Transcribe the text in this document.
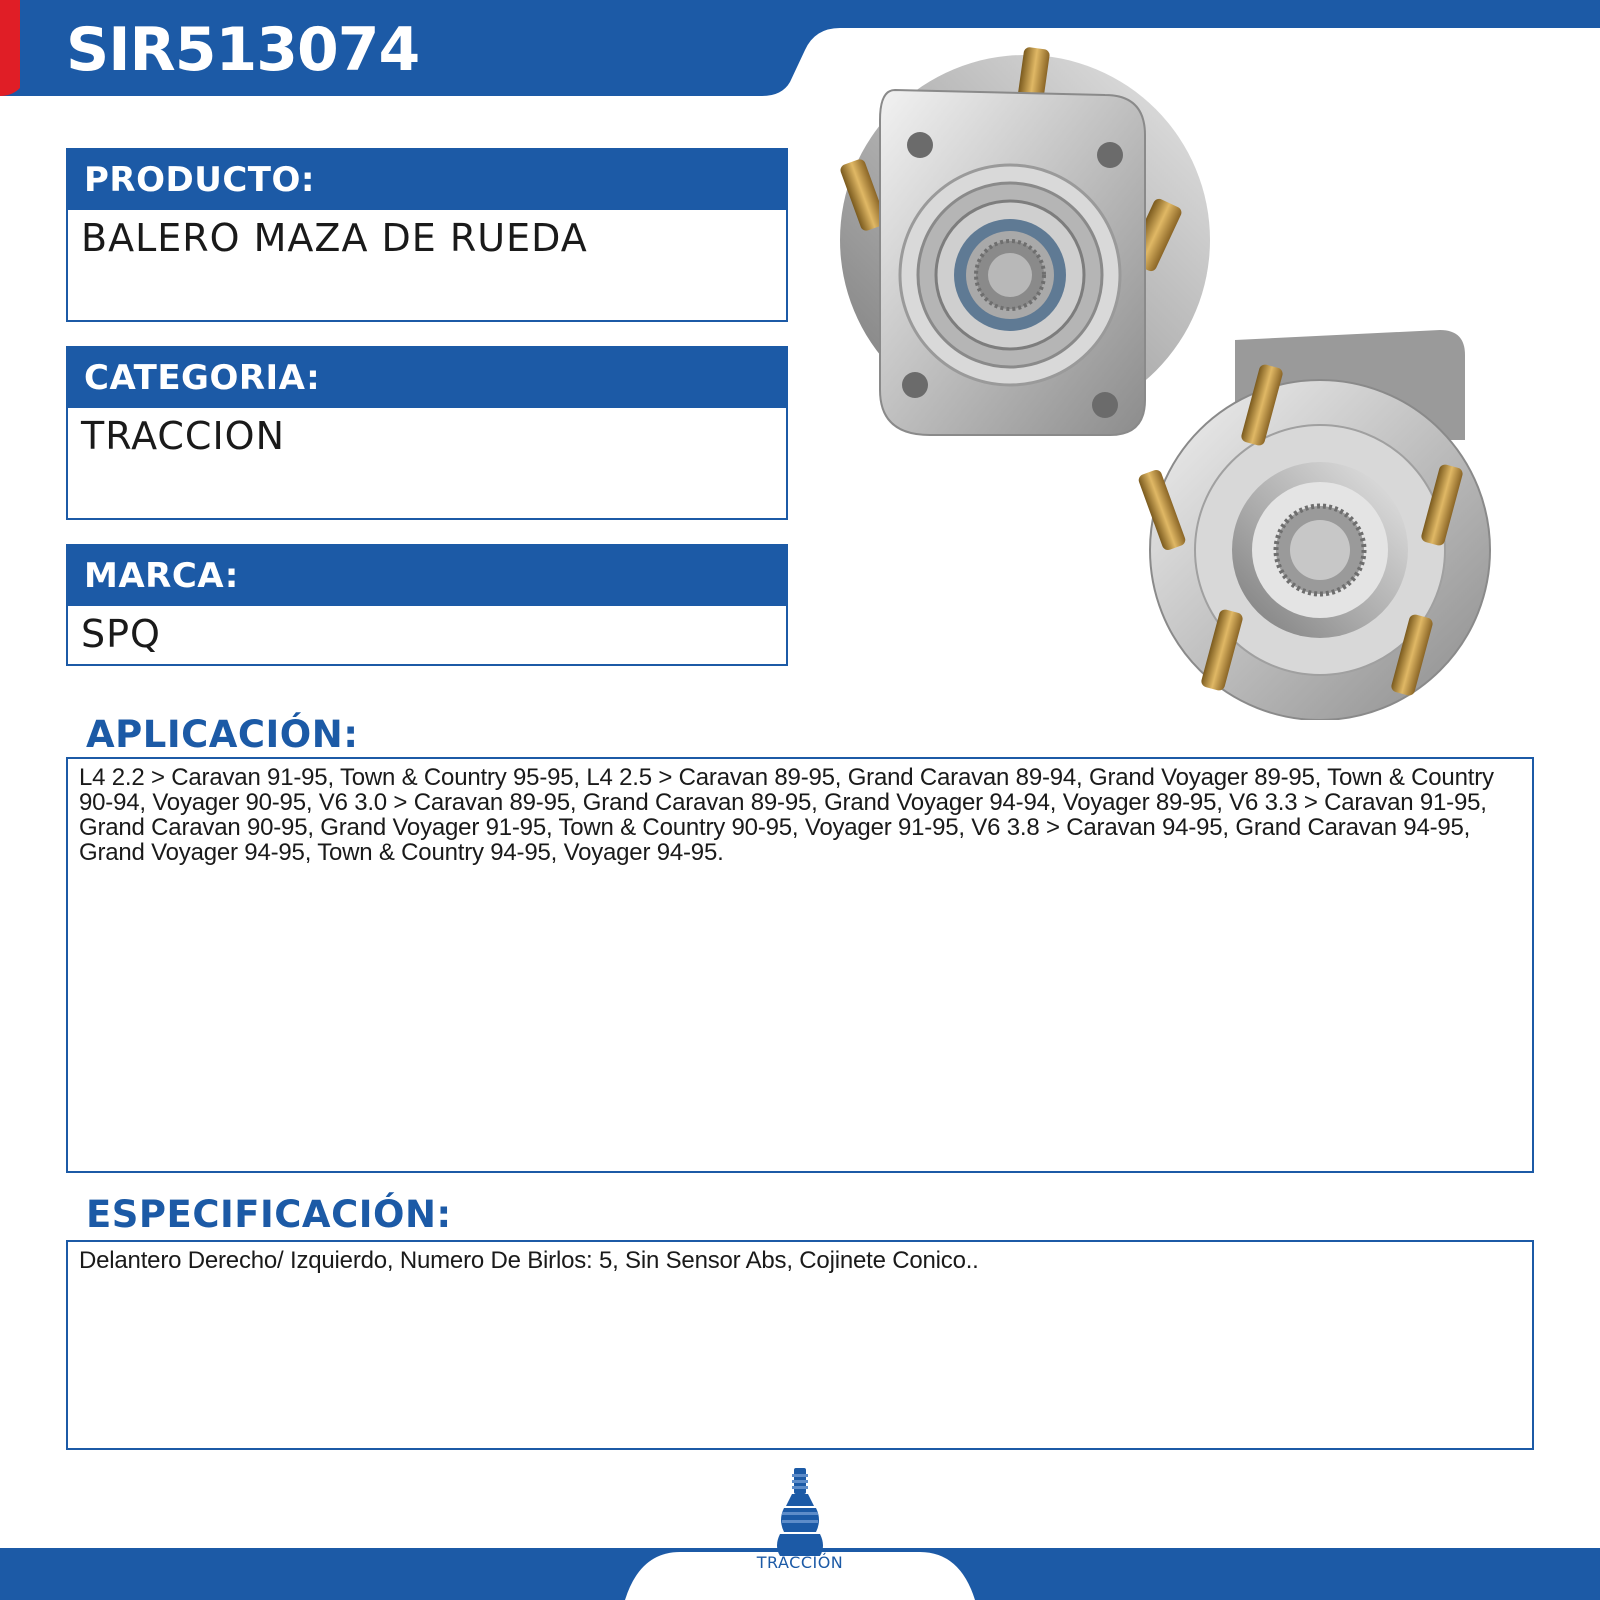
SIR513074
PRODUCTO:
BALERO MAZA DE RUEDA
CATEGORIA:
TRACCION
MARCA:
SPQ
APLICACIÓN:
L4 2.2 > Caravan 91-95, Town & Country 95-95, L4 2.5 > Caravan 89-95, Grand Caravan 89-94, Grand Voyager 89-95, Town & Country 90-94, Voyager 90-95, V6 3.0 > Caravan 89-95, Grand Caravan 89-95, Grand Voyager 94-94, Voyager 89-95, V6 3.3 > Caravan 91-95, Grand Caravan 90-95, Grand Voyager 91-95, Town & Country 90-95, Voyager 91-95, V6 3.8 > Caravan 94-95, Grand Caravan 94-95, Grand Voyager 94-95, Town & Country 94-95, Voyager 94-95.
ESPECIFICACIÓN:
Delantero Derecho/ Izquierdo, Numero De Birlos: 5, Sin Sensor Abs, Cojinete Conico..
TRACCIÓN
